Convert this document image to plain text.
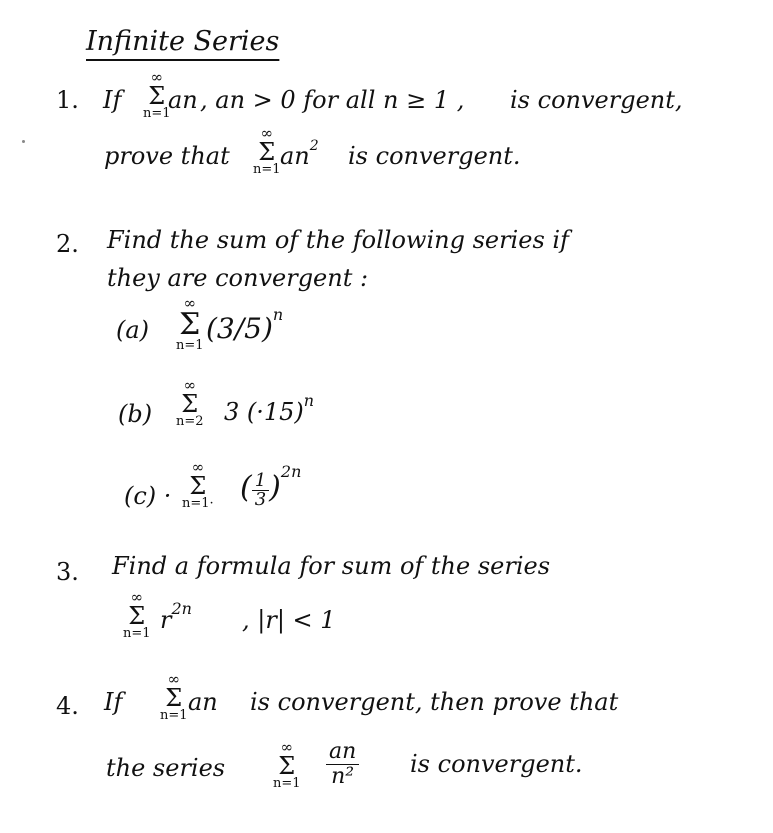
Infinite Series
1. If
∞
Σ
n=1
an , an > 0 for all n ≥ 1 , is convergent,
prove that
∞
Σ
n=1 $an^2$ is convergent.
2. Find the sum of the following series if
they are convergent :
(a)
∞
Σ
n=1
$(3/5)^n$
(b)
∞
Σ
n=2 3 $(\cdot 15)^n$
(c) ·
∞
Σ
n=1· ( $\frac{1}{3} )^{2n}$
3. Find a formula for sum of the series
∞
Σ
n=1 $r^{2n}$ , |r| < 1
4. If
∞
Σ
n=1 an is convergent, then prove that
the series
∞
Σ
$n=1 \frac{an}{\text{n²}}$ is convergent.
